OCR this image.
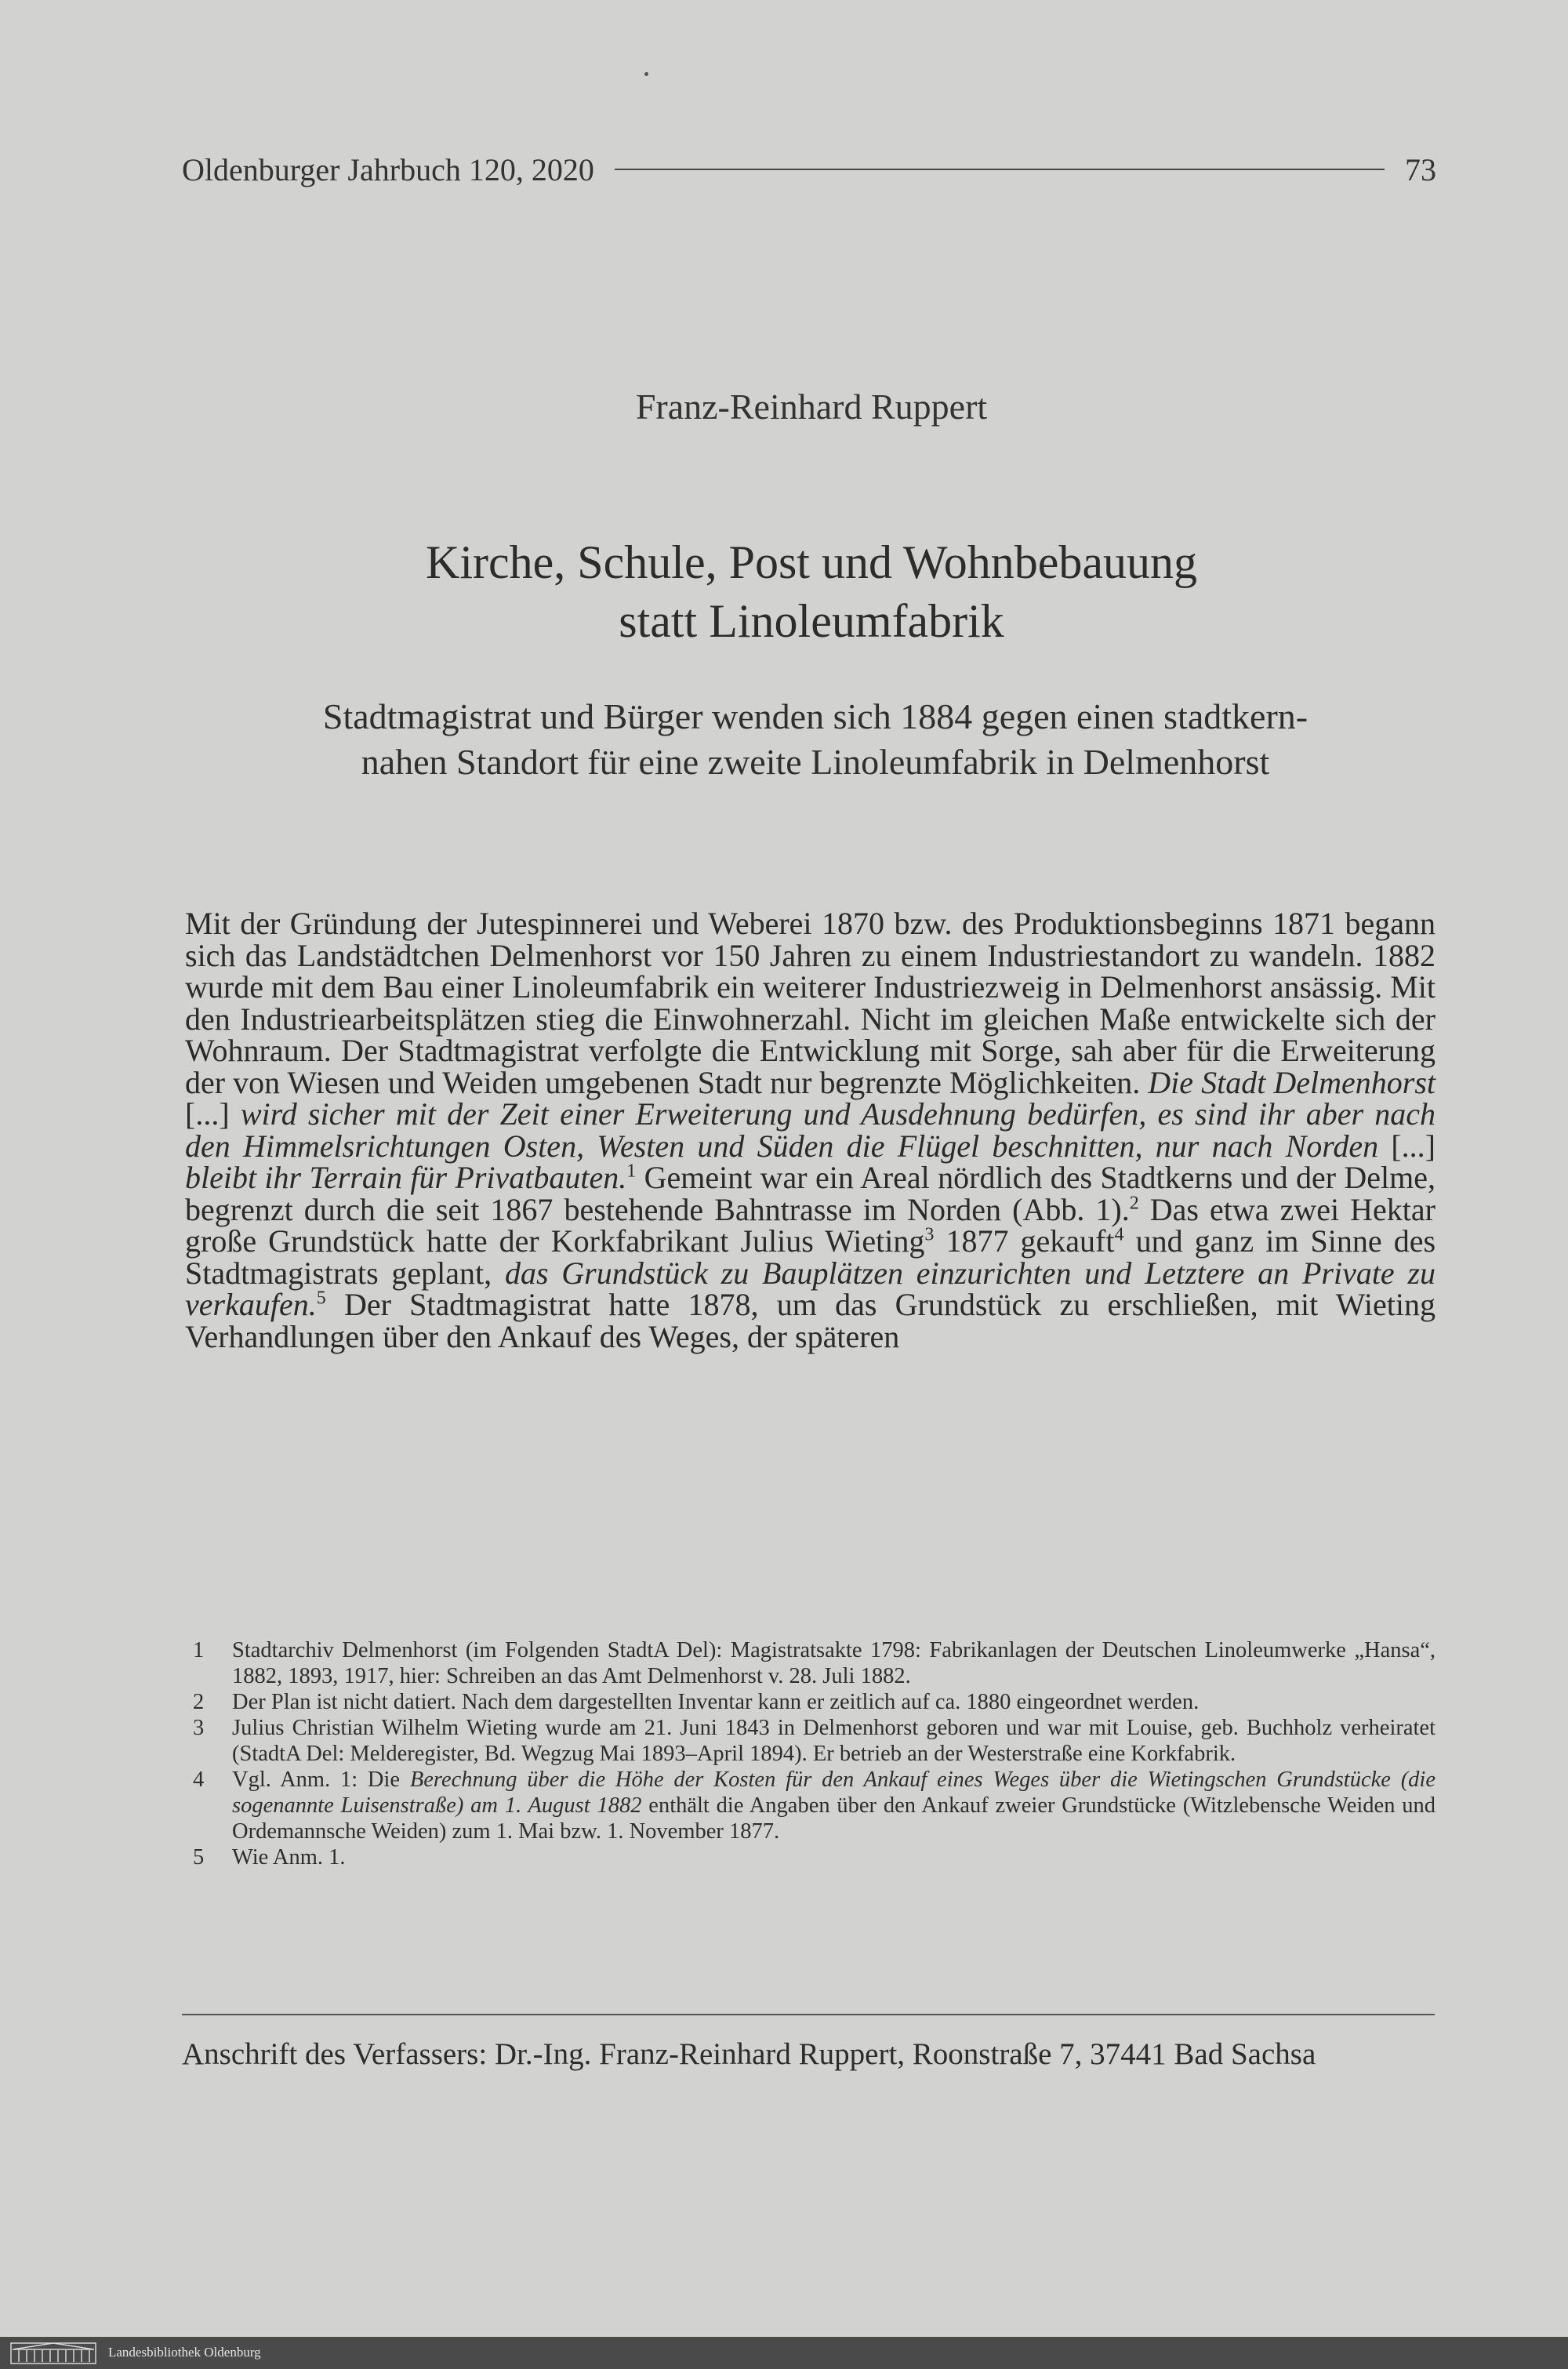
Oldenburger Jahrbuch 120, 2020	73
Franz-Reinhard Ruppert
Kirche, Schule, Post und Wohnbebauung
statt Linoleumfabrik
Stadtmagistrat und Bürger wenden sich 1884 gegen einen stadtkern-
nahen Standort für eine zweite Linoleumfabrik in Delmenhorst
Mit der Gründung der Jutespinnerei und Weberei 1870 bzw. des Produktionsbeginns 1871 begann sich das Landstädtchen Delmenhorst vor 150 Jahren zu einem Industriestandort zu wandeln. 1882 wurde mit dem Bau einer Linoleumfabrik ein weiterer Industriezweig in Delmenhorst ansässig. Mit den Industriearbeitsplätzen stieg die Einwohnerzahl. Nicht im gleichen Maße entwickelte sich der Wohnraum. Der Stadtmagistrat verfolgte die Entwicklung mit Sorge, sah aber für die Erweiterung der von Wiesen und Weiden umgebenen Stadt nur begrenzte Möglichkeiten. Die Stadt Delmenhorst [...] wird sicher mit der Zeit einer Erweiterung und Ausdehnung bedürfen, es sind ihr aber nach den Himmelsrichtungen Osten, Westen und Süden die Flügel beschnitten, nur nach Norden [...] bleibt ihr Terrain für Privatbauten.$^1$ Gemeint war ein Areal nördlich des Stadtkerns und der Delme, begrenzt durch die seit 1867 bestehende Bahntrasse im Norden (Abb. 1).$^2$ Das etwa zwei Hektar große Grundstück hatte der Korkfabrikant Julius Wieting$^3$ 1877 gekauft$^4$ und ganz im Sinne des Stadtmagistrats geplant, das Grundstück zu Bauplätzen einzurichten und Letztere an Private zu verkaufen.$^5$ Der Stadtmagistrat hatte 1878, um das Grundstück zu erschließen, mit Wieting Verhandlungen über den Ankauf des Weges, der späteren
1	Stadtarchiv Delmenhorst (im Folgenden StadtA Del): Magistratsakte 1798: Fabrikanlagen der Deutschen Linoleumwerke „Hansa“, 1882, 1893, 1917, hier: Schreiben an das Amt Delmenhorst v. 28. Juli 1882.
2	Der Plan ist nicht datiert. Nach dem dargestellten Inventar kann er zeitlich auf ca. 1880 eingeordnet werden.
3	Julius Christian Wilhelm Wieting wurde am 21. Juni 1843 in Delmenhorst geboren und war mit Louise, geb. Buchholz verheiratet (StadtA Del: Melderegister, Bd. Wegzug Mai 1893–April 1894). Er betrieb an der Westerstraße eine Korkfabrik.
4	Vgl. Anm. 1: Die Berechnung über die Höhe der Kosten für den Ankauf eines Weges über die Wietingschen Grundstücke (die sogenannte Luisenstraße) am 1. August 1882 enthält die Angaben über den Ankauf zweier Grundstücke (Witzlebensche Weiden und Ordemannsche Weiden) zum 1. Mai bzw. 1. November 1877.
5	Wie Anm. 1.
Anschrift des Verfassers: Dr.-Ing. Franz-Reinhard Ruppert, Roonstraße 7, 37441 Bad Sachsa
Landesbibliothek Oldenburg
